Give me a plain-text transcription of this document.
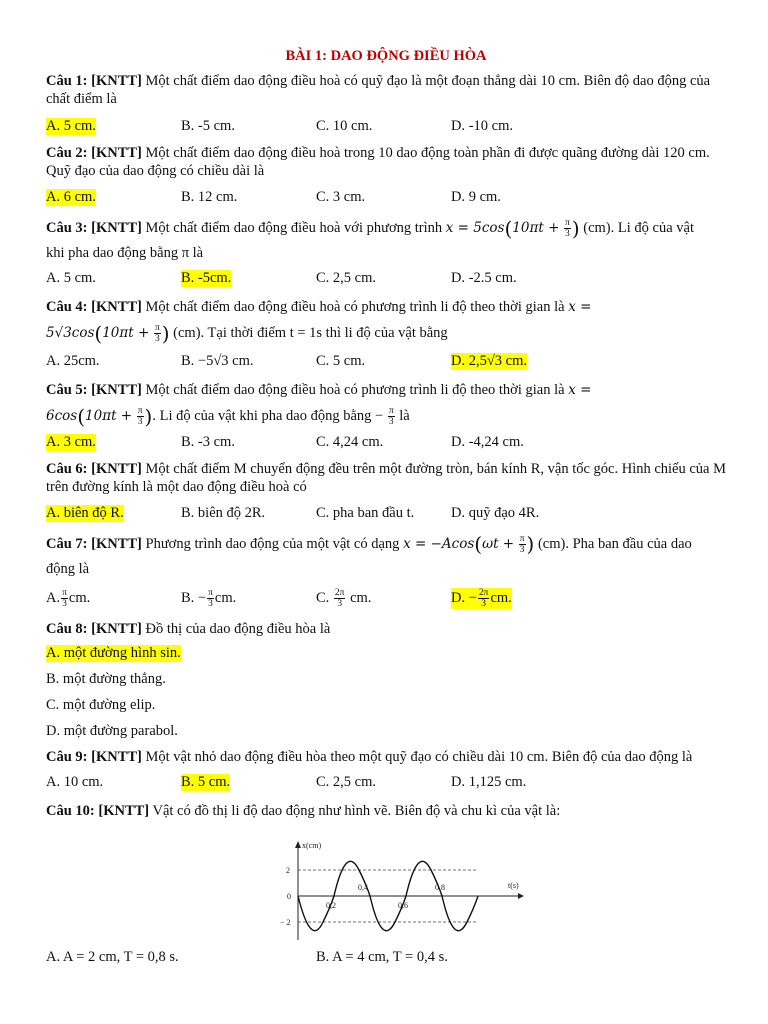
BÀI 1: DAO ĐỘNG ĐIỀU HÒA
Câu 1: [KNTT] Một chất điểm dao động điều hoà có quỹ đạo là một đoạn thẳng dài 10 cm. Biên độ dao động của chất điểm là
A. 5 cm.	B. -5 cm.	C. 10 cm.	D. -10 cm.
Câu 2: [KNTT] Một chất điểm dao động điều hoà trong 10 dao động toàn phần đi được quãng đường dài 120 cm. Quỹ đạo của dao động có chiều dài là
A. 6 cm.	B. 12 cm.	C. 3 cm.	D. 9 cm.
Câu 3: [KNTT] Một chất điểm dao động điều hoà với phương trình $x = 5\cos(10\pi t + \frac{\pi}{3}$ ) (cm). Li độ của vật
khi pha dao động bằng π là
A. 5 cm.	B. -5cm.	C. 2,5 cm.	D. -2.5 cm.
Câu 4: [KNTT] Một chất điểm dao động điều hoà có phương trình li độ theo thời gian là x =
$5√3\cos(10\pi t + \frac{\pi}{3}$ ) (cm). Tại thời điểm t = 1s thì li độ của vật bằng
A. 25cm.	B. −5√3 cm.	C. 5 cm.	D. 2,5√3 cm.
Câu 5: [KNTT] Một chất điểm dao động điều hoà có phương trình li độ theo thời gian là x =
$6\cos(10\pi t + \frac{\pi}{3}$ ). Li độ của vật khi pha dao động bằng − $\frac{\pi}{3}$ là
A. 3 cm.	B. -3 cm.	C. 4,24 cm.	D. -4,24 cm.
Câu 6: [KNTT] Một chất điểm M chuyển động đều trên một đường tròn, bán kính R, vận tốc góc. Hình chiếu của M trên đường kính là một dao động điều hoà có
A. biên độ R.	B. biên độ 2R.	C. pha ban đầu t.	D. quỹ đạo 4R.
Câu 7: [KNTT] Phương trình dao động của một vật có dạng $x = -Acos(\omega t + \frac{\pi}{3}$ ) (cm). Pha ban đầu của dao
động là
A. $\frac{\pi}{3}$ cm.	B. − $\frac{\pi}{3}$ cm.	C. $\frac{2\pi}{3}$ cm.	D. − $\frac{2\pi}{3}$ cm.
Câu 8: [KNTT] Đồ thị của dao động điều hòa là
A. một đường hình sin.
B. một đường thẳng.
C. một đường elip.
D. một đường parabol.
Câu 9: [KNTT] Một vật nhỏ dao động điều hòa theo một quỹ đạo có chiều dài 10 cm. Biên độ của dao động là
A. 10 cm.	B. 5 cm.	C. 2,5 cm.	D. 1,125 cm.
Câu 10: [KNTT] Vật có đồ thị li độ dao động như hình vẽ. Biên độ và chu kì của vật là:
x(cm)
t(s)
2
− 2
0
0,2
0,4
0,6
0,8
A. A = 2 cm, T = 0,8 s.	B. A = 4 cm, T = 0,4 s.
